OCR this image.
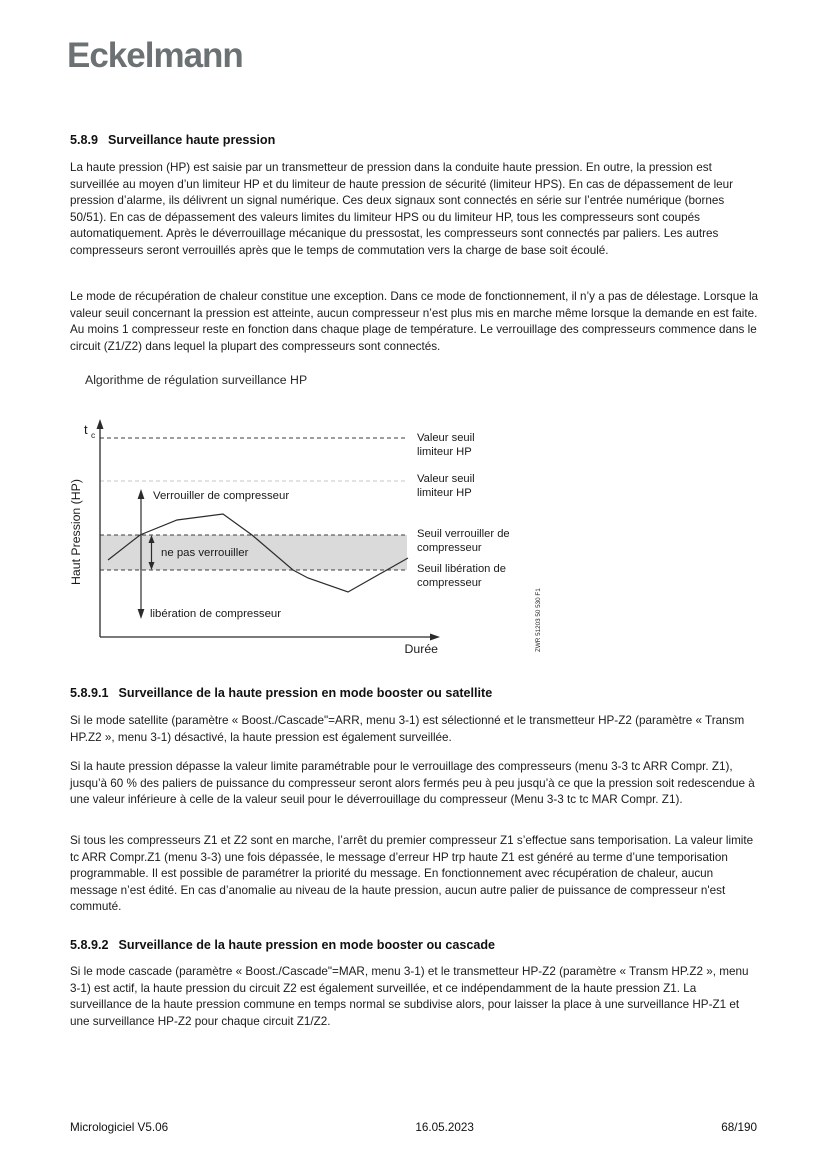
Eckelmann
5.8.9 Surveillance haute pression

La haute pression (HP) est saisie par un transmetteur de pression dans la conduite haute pression. En outre, la pression est surveillée au moyen d’un limiteur HP et du limiteur de haute pression de sécurité (limiteur HPS). En cas de dépassement de leur pression d’alarme, ils délivrent un signal numérique. Ces deux signaux sont connectés en série sur l’entrée numérique (bornes 50/51). En cas de dépassement des valeurs limites du limiteur HPS ou du limiteur HP, tous les compresseurs sont coupés automatiquement. Après le déverrouillage mécanique du pressostat, les compresseurs sont connectés par paliers. Les autres compresseurs seront verrouillés après que le temps de commutation vers la charge de base soit écoulé.

Le mode de récupération de chaleur constitue une exception. Dans ce mode de fonctionnement, il n’y a pas de délestage. Lorsque la valeur seuil concernant la pression est atteinte, aucun compresseur n’est plus mis en marche même lorsque la demande en est faite. Au moins 1 compresseur reste en fonction dans chaque plage de température. Le verrouillage des compresseurs commence dans le circuit (Z1/Z2) dans lequel la plupart des compresseurs sont connectés.

Algorithme de régulation surveillance HP
t c
Haut Pression (HP)
Durée
Verrouiller de compresseur
ne pas verrouiller
libération de compresseur
Valeur seuil
limiteur HP
Valeur seuil
limiteur HP
Seuil verrouiller de
compresseur
Seuil libération de
compresseur
ZWR 51203 50 530 F1
5.8.9.1 Surveillance de la haute pression en mode booster ou satellite

Si le mode satellite (paramètre « Boost./Cascade"=ARR, menu 3-1) est sélectionné et le transmetteur HP-Z2 (paramètre « Transm HP.Z2 », menu 3-1) désactivé, la haute pression est également surveillée.

Si la haute pression dépasse la valeur limite paramétrable pour le verrouillage des compresseurs (menu 3-3 tc ARR Compr. Z1), jusqu’à 60 % des paliers de puissance du compresseur seront alors fermés peu à peu jusqu’à ce que la pression soit redescendue à une valeur inférieure à celle de la valeur seuil pour le déverrouillage du compresseur (Menu 3-3 tc tc MAR Compr. Z1).

Si tous les compresseurs Z1 et Z2 sont en marche, l’arrêt du premier compresseur Z1 s’effectue sans temporisation. La valeur limite tc ARR Compr.Z1 (menu 3-3) une fois dépassée, le message d’erreur HP trp haute Z1 est généré au terme d’une temporisation programmable. Il est possible de paramétrer la priorité du message. En fonctionnement avec récupération de chaleur, aucun message n’est édité. En cas d’anomalie au niveau de la haute pression, aucun autre palier de puissance de compresseur n'est commuté.

5.8.9.2 Surveillance de la haute pression en mode booster ou cascade

Si le mode cascade (paramètre « Boost./Cascade"=MAR, menu 3-1) et le transmetteur HP-Z2 (paramètre « Transm HP.Z2 », menu 3-1) est actif, la haute pression du circuit Z2 est également surveillée, et ce indépendamment de la haute pression Z1. La surveillance de la haute pression commune en temps normal se subdivise alors, pour laisser la place à une surveillance HP-Z1 et une surveillance HP-Z2 pour chaque circuit Z1/Z2.

Micrologiciel V5.06	16.05.2023	68/190
